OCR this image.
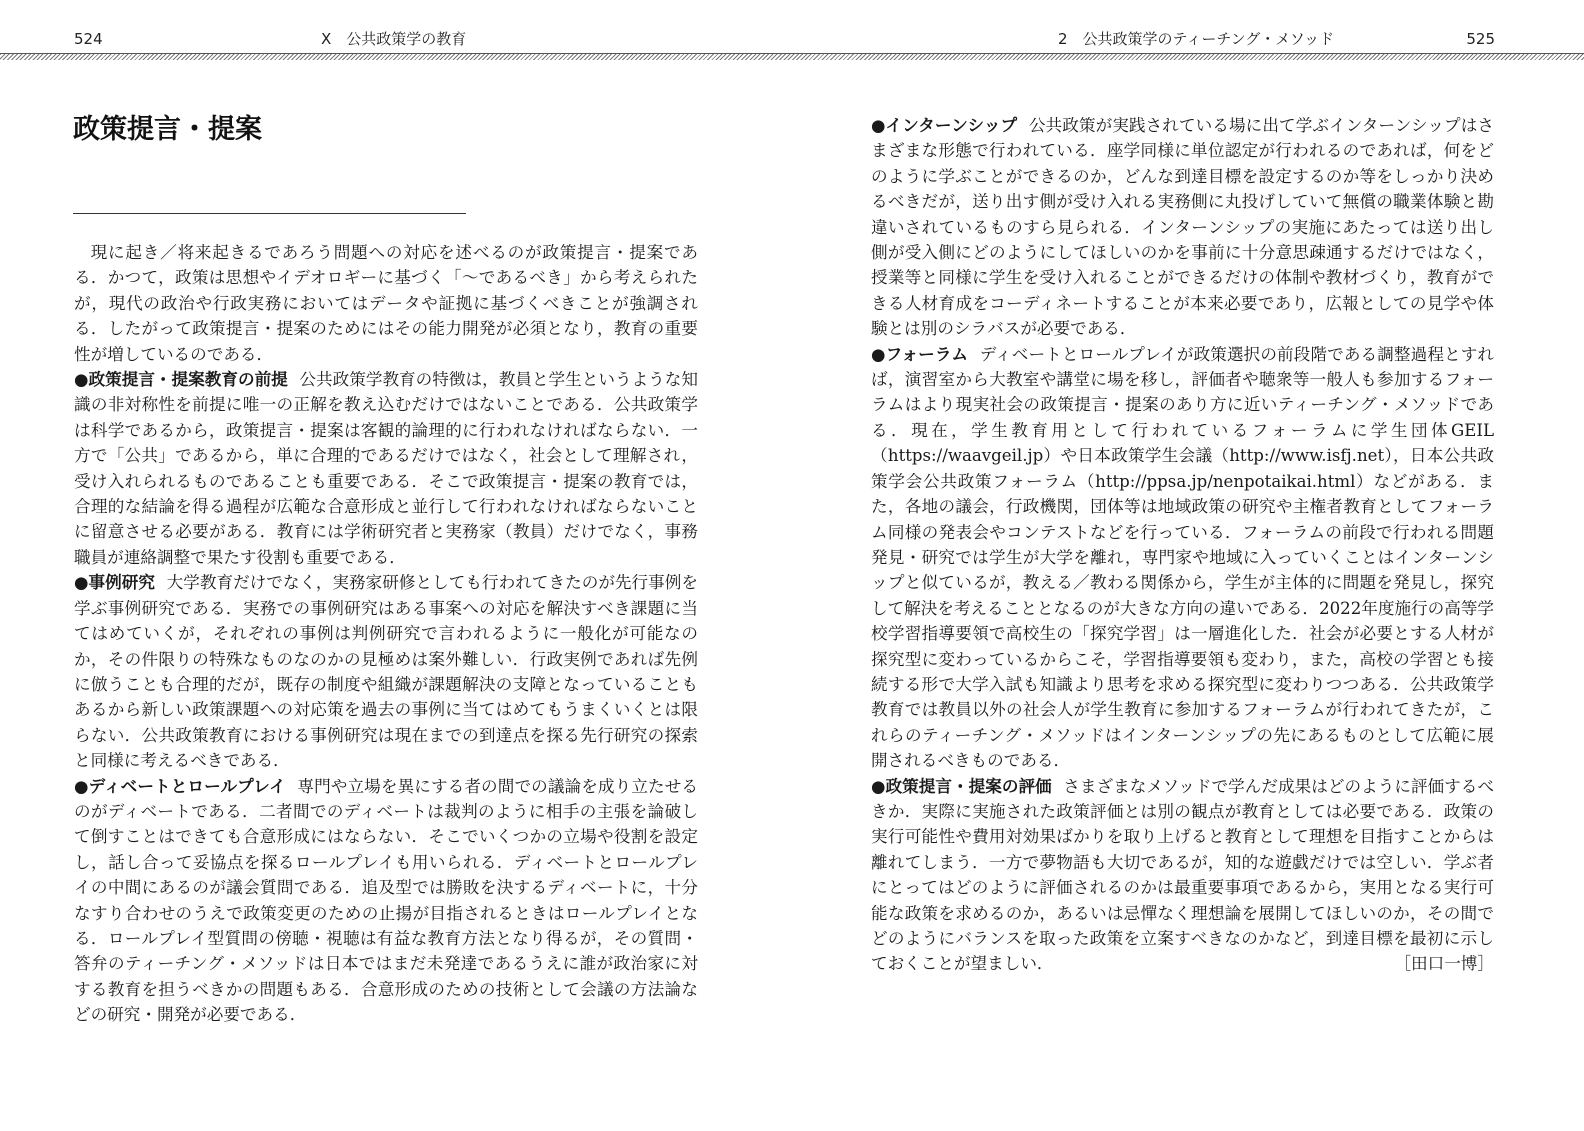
524	X　公共政策学の教育	2　公共政策学のティーチング・メソッド	525
政策提言・提案

現に起き／将来起きるであろう問題への対応を述べるのが政策提言・提案である．かつて，政策は思想やイデオロギーに基づく「～であるべき」から考えられたが，現代の政治や行政実務においてはデータや証拠に基づくべきことが強調される．したがって政策提言・提案のためにはその能力開発が必須となり，教育の重要性が増しているのである．

●政策提言・提案教育の前提 公共政策学教育の特徴は，教員と学生というような知識の非対称性を前提に唯一の正解を教え込むだけではないことである．公共政策学は科学であるから，政策提言・提案は客観的論理的に行われなければならない．一方で「公共」であるから，単に合理的であるだけではなく，社会として理解され，受け入れられるものであることも重要である．そこで政策提言・提案の教育では，合理的な結論を得る過程が広範な合意形成と並行して行われなければならないことに留意させる必要がある．教育には学術研究者と実務家（教員）だけでなく，事務職員が連絡調整で果たす役割も重要である．

●事例研究 大学教育だけでなく，実務家研修としても行われてきたのが先行事例を学ぶ事例研究である．実務での事例研究はある事案への対応を解決すべき課題に当てはめていくが，それぞれの事例は判例研究で言われるように一般化が可能なのか，その件限りの特殊なものなのかの見極めは案外難しい．行政実例であれば先例に倣うことも合理的だが，既存の制度や組織が課題解決の支障となっていることもあるから新しい政策課題への対応策を過去の事例に当てはめてもうまくいくとは限らない．公共政策教育における事例研究は現在までの到達点を探る先行研究の探索と同様に考えるべきである．

●ディベートとロールプレイ 専門や立場を異にする者の間での議論を成り立たせるのがディベートである．二者間でのディベートは裁判のように相手の主張を論破して倒すことはできても合意形成にはならない．そこでいくつかの立場や役割を設定し，話し合って妥協点を探るロールプレイも用いられる．ディベートとロールプレイの中間にあるのが議会質問である．追及型では勝敗を決するディベートに，十分なすり合わせのうえで政策変更のための止揚が目指されるときはロールプレイとなる．ロールプレイ型質問の傍聴・視聴は有益な教育方法となり得るが，その質問・答弁のティーチング・メソッドは日本ではまだ未発達であるうえに誰が政治家に対する教育を担うべきかの問題もある．合意形成のための技術として会議の方法論などの研究・開発が必要である．

●インターンシップ 公共政策が実践されている場に出て学ぶインターンシップはさまざまな形態で行われている．座学同様に単位認定が行われるのであれば，何をどのように学ぶことができるのか，どんな到達目標を設定するのか等をしっかり決めるべきだが，送り出す側が受け入れる実務側に丸投げしていて無償の職業体験と勘違いされているものすら見られる．インターンシップの実施にあたっては送り出し側が受入側にどのようにしてほしいのかを事前に十分意思疎通するだけではなく，授業等と同様に学生を受け入れることができるだけの体制や教材づくり，教育ができる人材育成をコーディネートすることが本来必要であり，広報としての見学や体験とは別のシラバスが必要である．

●フォーラム ディベートとロールプレイが政策選択の前段階である調整過程とすれば，演習室から大教室や講堂に場を移し，評価者や聴衆等一般人も参加するフォーラムはより現実社会の政策提言・提案のあり方に近いティーチング・メソッドである．現在，学生教育用として行われているフォーラムに学生団体GEIL（https://waavgeil.jp）や日本政策学生会議（http://www.isfj.net），日本公共政策学会公共政策フォーラム（http://ppsa.jp/nenpotaikai.html）などがある．また，各地の議会，行政機関，団体等は地域政策の研究や主権者教育としてフォーラム同様の発表会やコンテストなどを行っている．フォーラムの前段で行われる問題発見・研究では学生が大学を離れ，専門家や地域に入っていくことはインターンシップと似ているが，教える／教わる関係から，学生が主体的に問題を発見し，探究して解決を考えることとなるのが大きな方向の違いである．2022年度施行の高等学校学習指導要領で高校生の「探究学習」は一層進化した．社会が必要とする人材が探究型に変わっているからこそ，学習指導要領も変わり，また，高校の学習とも接続する形で大学入試も知識より思考を求める探究型に変わりつつある．公共政策学教育では教員以外の社会人が学生教育に参加するフォーラムが行われてきたが，これらのティーチング・メソッドはインターンシップの先にあるものとして広範に展開されるべきものである．

●政策提言・提案の評価 さまざまなメソッドで学んだ成果はどのように評価するべきか．実際に実施された政策評価とは別の観点が教育としては必要である．政策の実行可能性や費用対効果ばかりを取り上げると教育として理想を目指すことからは離れてしまう．一方で夢物語も大切であるが，知的な遊戯だけでは空しい．学ぶ者にとってはどのように評価されるのかは最重要事項であるから，実用となる実行可能な政策を求めるのか，あるいは忌憚なく理想論を展開してほしいのか，その間でどのようにバランスを取った政策を立案すべきなのかなど，到達目標を最初に示しておくことが望ましい．	［田口一博］
